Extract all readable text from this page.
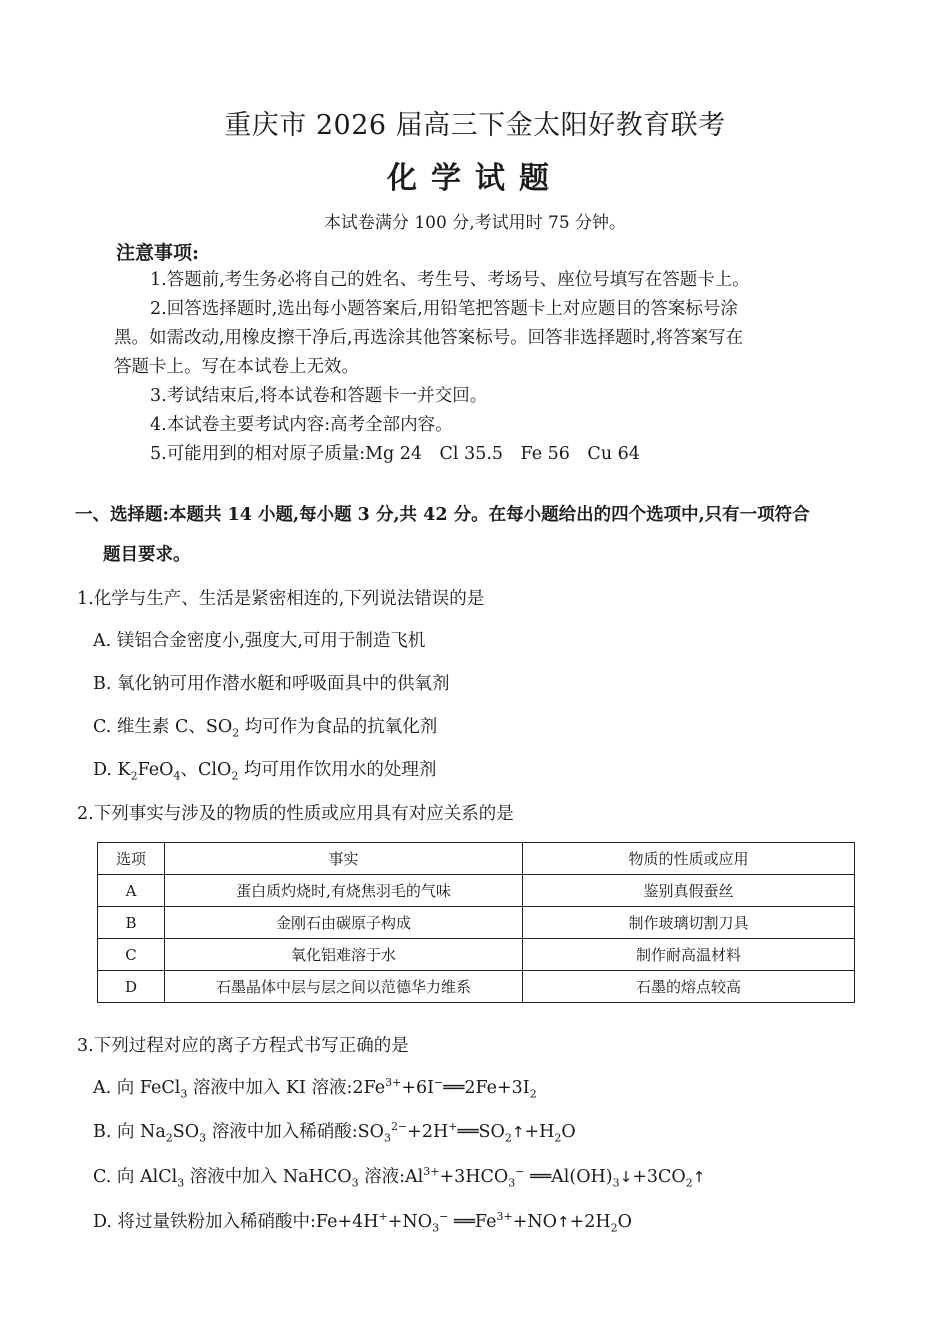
重庆市 2026 届高三下金太阳好教育联考
化学试题
本试卷满分 100 分,考试用时 75 分钟。
注意事项:

1.答题前,考生务必将自己的姓名、考生号、考场号、座位号填写在答题卡上。

2.回答选择题时,选出每小题答案后,用铅笔把答题卡上对应题目的答案标号涂

黑。如需改动,用橡皮擦干净后,再选涂其他答案标号。回答非选择题时,将答案写在

答题卡上。写在本试卷上无效。

3.考试结束后,将本试卷和答题卡一并交回。

4.本试卷主要考试内容:高考全部内容。

5.可能用到的相对原子质量:Mg 24　Cl 35.5　Fe 56　Cu 64

一、选择题:本题共 14 小题,每小题 3 分,共 42 分。在每小题给出的四个选项中,只有一项符合
题目要求。
1.化学与生产、生活是紧密相连的,下列说法错误的是
A. 镁铝合金密度小,强度大,可用于制造飞机
B. 氧化钠可用作潜水艇和呼吸面具中的供氧剂
C. 维生素 C、$SO_2$ 均可作为食品的抗氧化剂
D. $K_2FeO_4$、ClO$_2$ 均可用作饮用水的处理剂
2.下列事实与涉及的物质的性质或应用具有对应关系的是
选项	事实	物质的性质或应用
A	蛋白质灼烧时,有烧焦羽毛的气味	鉴别真假蚕丝
B	金刚石由碳原子构成	制作玻璃切割刀具
C	氧化铝难溶于水	制作耐高温材料
D	石墨晶体中层与层之间以范德华力维系	石墨的熔点较高
3.下列过程对应的离子方程式书写正确的是
A. 向 FeCl$_3$ 溶液中加入 KI 溶液$:2Fe^{3+}+6I^-══2Fe+3I_2$
B. 向 $Na_2SO_3$ 溶液中加入稀硝酸$:SO_3^{2-}+2H^+══SO_2↑+H_2O$
C. 向 AlCl$_3$ 溶液中加入 NaHCO$_3$ 溶液$:Al^{3+}+3HCO_3^-$ $══Al(OH)_3↓+3CO_2↑$
D. 将过量铁粉加入稀硝酸中$:Fe+4H^++NO_3^-$ $══Fe^{3+}+NO↑+2H_2O$
